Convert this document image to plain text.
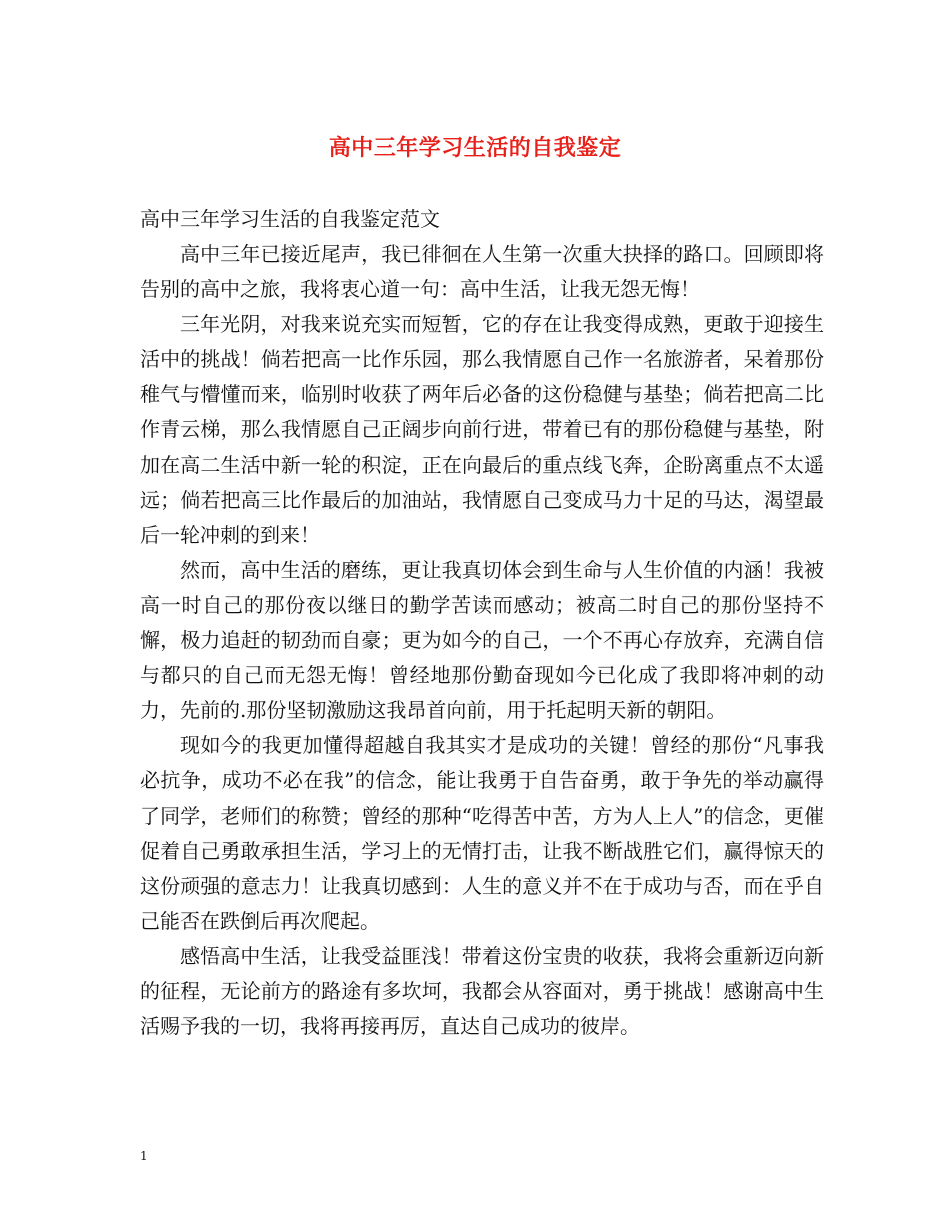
高中三年学习生活的自我鉴定

高中三年学习生活的自我鉴定范文

高中三年已接近尾声，我已徘徊在人生第一次重大抉择的路口。回顾即将告别的高中之旅，我将衷心道一句：高中生活，让我无怨无悔！

三年光阴，对我来说充实而短暂，它的存在让我变得成熟，更敢于迎接生活中的挑战！倘若把高一比作乐园，那么我情愿自己作一名旅游者，呆着那份稚气与懵懂而来，临别时收获了两年后必备的这份稳健与基垫；倘若把高二比作青云梯，那么我情愿自己正阔步向前行进，带着已有的那份稳健与基垫，附加在高二生活中新一轮的积淀，正在向最后的重点线飞奔，企盼离重点不太遥远；倘若把高三比作最后的加油站，我情愿自己变成马力十足的马达，渴望最后一轮冲刺的到来！

然而，高中生活的磨练，更让我真切体会到生命与人生价值的内涵！我被高一时自己的那份夜以继日的勤学苦读而感动；被高二时自己的那份坚持不懈，极力追赶的韧劲而自豪；更为如今的自己，一个不再心存放弃，充满自信与都只的自己而无怨无悔！曾经地那份勤奋现如今已化成了我即将冲刺的动力，先前的.那份坚韧激励这我昂首向前，用于托起明天新的朝阳。

现如今的我更加懂得超越自我其实才是成功的关键！曾经的那份“凡事我必抗争，成功不必在我”的信念，能让我勇于自告奋勇，敢于争先的举动赢得了同学，老师们的称赞；曾经的那种“吃得苦中苦，方为人上人”的信念，更催促着自己勇敢承担生活，学习上的无情打击，让我不断战胜它们，赢得惊天的这份顽强的意志力！让我真切感到：人生的意义并不在于成功与否，而在乎自己能否在跌倒后再次爬起。

感悟高中生活，让我受益匪浅！带着这份宝贵的收获，我将会重新迈向新的征程，无论前方的路途有多坎坷，我都会从容面对，勇于挑战！感谢高中生活赐予我的一切，我将再接再厉，直达自己成功的彼岸。

1
